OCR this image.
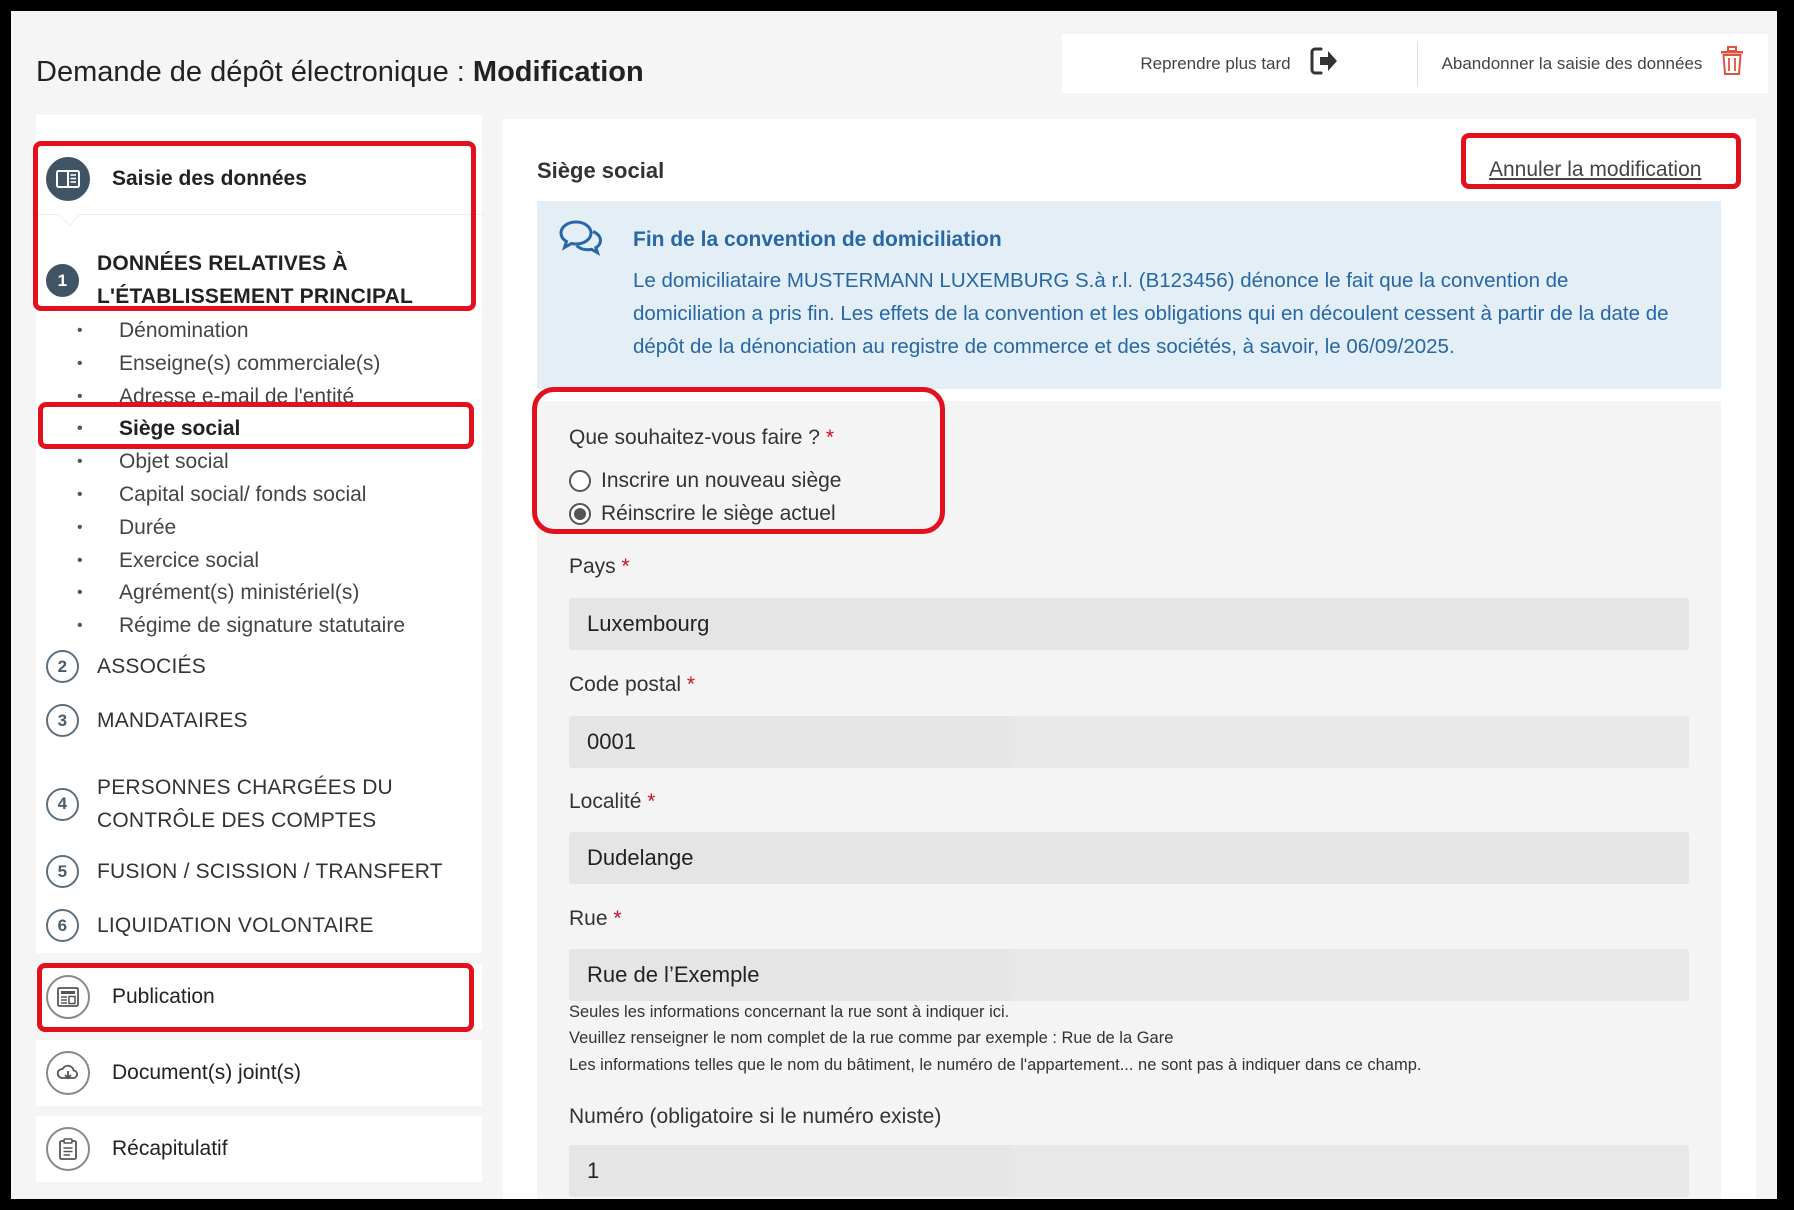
Demande de dépôt électronique : Modification	Reprendre plus tard	Abandonner la saisie des données
Saisie des données
1
DONNÉES RELATIVES À L'ÉTABLISSEMENT PRINCIPAL
• Dénomination
• Enseigne(s) commerciale(s)
• Adresse e-mail de l'entité
• Siège social
• Objet social
• Capital social/ fonds social
• Durée
• Exercice social
• Agrément(s) ministériel(s)
• Régime de signature statutaire
2	ASSOCIÉS
3	MANDATAIRES
4
PERSONNES CHARGÉES DU CONTRÔLE DES COMPTES
5	FUSION / SCISSION / TRANSFERT
6	LIQUIDATION VOLONTAIRE
Publication
Document(s) joint(s)
Récapitulatif
Siège social	Annuler la modification
Fin de la convention de domiciliation
Le domiciliataire MUSTERMANN LUXEMBURG S.à r.l. (B123456) dénonce le fait que la convention de domiciliation a pris fin. Les effets de la convention et les obligations qui en découlent cessent à partir de la date de dépôt de la dénonciation au registre de commerce et des sociétés, à savoir, le 06/09/2025.
Que souhaitez-vous faire ? *
Inscrire un nouveau siège
Réinscrire le siège actuel
Pays *
Luxembourg
Code postal *
0001
Localité *
Dudelange
Rue *
Rue de l’Exemple
Seules les informations concernant la rue sont à indiquer ici.
Veuillez renseigner le nom complet de la rue comme par exemple : Rue de la Gare
Les informations telles que le nom du bâtiment, le numéro de l'appartement... ne sont pas à indiquer dans ce champ.
Numéro (obligatoire si le numéro existe)
1
